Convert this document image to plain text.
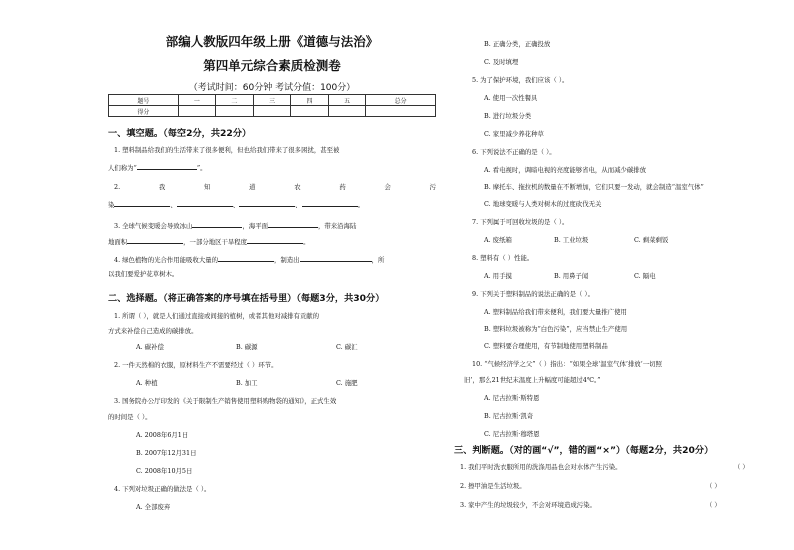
部编人教版四年级上册《道德与法治》
第四单元综合素质检测卷
（考试时间：60分钟 考试分值：100分）
题号	一	二	三	四	五	总分
得分						
一、填空题。（每空2分，共22分）
1. 塑料制品给我们的生活带来了很多便利，但也给我们带来了很多困扰，甚至被
人们称为“	”。
2.	我	知	道	农	药	会	污
染	、	、	、	。
3. 全球气候变暖会导致冰山	，海平面	，带来沿海陆
地面积	，一部分地区干旱程度	。
4. 绿色植物的光合作用能吸收大量的	，制造出	，所
以我们要爱护花草树木。
二、选择题。（将正确答案的序号填在括号里）（每题3分，共30分）
1. 所谓（ ），就是人们通过直接或间接的植树，或者其他对减排有贡献的
方式来补偿自己造成的碳排放。
A. 碳补偿	B. 碳源	C. 碳汇
2. 一件天然棉的衣服，原材料生产不需要经过（ ）环节。
A. 种植	B. 加工	C. 施肥
3. 国务院办公厅印发的《关于限制生产销售使用塑料购物袋的通知》，正式生效
的时间是（ ）。
A. 2008年6月1日
B. 2007年12月31日
C. 2008年10月5日
4. 下列对垃圾正确的做法是（ ）。
A. 全部废弃
B. 正确分类，正确投放
C. 及时填埋
5. 为了保护环境，我们应该（ ）。
A. 使用一次性餐具
B. 进行垃圾分类
C. 家里减少养花种草
6. 下列说法不正确的是（ ）。
A. 看电视时，调暗电视的亮度能够省电，从而减少碳排放
B. 摩托车、拖拉机的数量在不断增加，它们只要一发动，就会制造“温室气体”
C. 地球变暖与人类对树木的过度砍伐无关
7. 下列属于可回收垃圾的是（ ）。
A. 废纸箱	B. 工业垃圾	C. 剩菜剩饭
8. 塑料有（ ）性能。
A. 用手摸	B. 用鼻子闻	C. 隔电
9. 下列关于塑料制品的说法正确的是（ ）。
A. 塑料制品给我们带来便利，我们要大量推广使用
B. 塑料垃圾被称为“白色污染”，应当禁止生产使用
C. 塑料要合理使用，有节制地使用塑料制品
10. “气候经济学之父”（ ）指出：“如果全球‘温室气体’排放‘一切照
旧’，那么21世纪末温度上升幅度可能超过4℃。”
A. 尼古拉斯·斯特恩
B. 尼古拉斯·凯奇
C. 尼古拉斯·穆塔恩
三、判断题。（对的画“√”，错的画“×”）（每题2分，共20分）
1. 我们平时洗衣服所用的洗涤用品也会对水体产生污染。	（ ）
2. 擦甲油是生活垃圾。	（ ）
3. 家中产生的垃圾较少，不会对环境造成污染。	（ ）
